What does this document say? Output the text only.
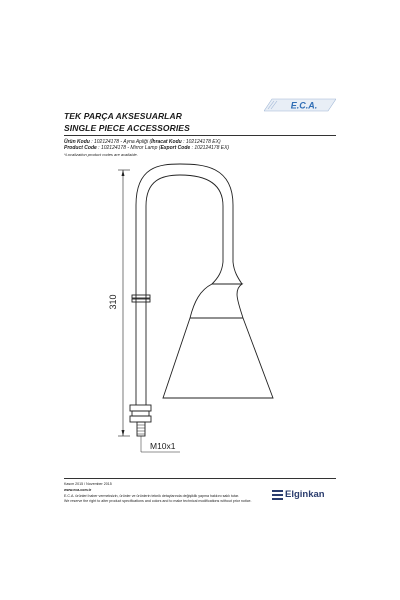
E.C.A.
TEK PARÇA AKSESUARLAR
SINGLE PIECE ACCESSORIES
Ürün Kodu : 102124178 - Ayna Apliği (İhracat Kodu : 102124178 EX)
Product Code : 102124178 - Mirror Lamp (Export Code : 102124178 EX)
*Localization product codes are available.
310
M10x1
Kasım 2015 / November 2015
www.eca.com.tr
E.C.A. ürünleri haber vermeksizin, ürünler ve ürünlerin teknik detaylarında değişiklik yapma hakkını saklı tutar.
We reserve the right to alter product specifications and colors and to make technical modifications without prior notice.
Elginkan
